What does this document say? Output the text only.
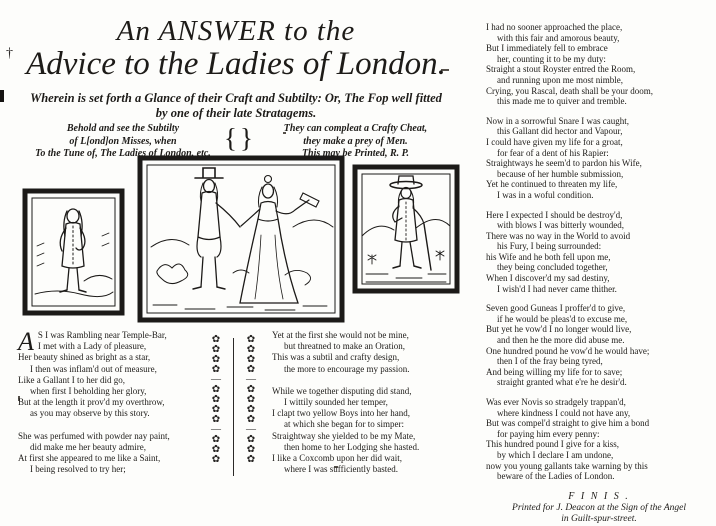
†
An ANSWER to the
Advice to the Ladies of London.
Wherein is set forth a Glance of their Craft and Subtilty: Or, The Fop well fitted
by one of their late Stratagems.
Behold and see the Subtilty
of L[ond]on Misses, when
To the Tune of, The Ladies of London, etc.
{ }	They can compleat a Crafty Cheat,
they make a prey of Men.
This may be Printed, R. P.
A S I was Rambling near Temple-Bar,
I met with a Lady of pleasure,
Her beauty shined as bright as a star,
I then was inflam'd out of measure,
Like a Gallant I to her did go,
when first I beholding her glory,
But at the length it prov'd my overthrow,
as you may observe by this story.
She was perfumed with powder nay paint,
did make me her beauty admire,
At first she appeared to me like a Saint,
I being resolved to try her;
✿
✿
✿
✿
—
✿
✿
✿
✿
—
✿
✿
✿
✿
✿
✿
✿
—
✿
✿
✿
✿
—
✿
✿
✿
Yet at the first she would not be mine,
but threatned to make an Oration,
This was a subtil and crafty design,
the more to encourage my passion.
While we together disputing did stand,
I wittily sounded her temper,
I clapt two yellow Boys into her hand,
at which she began for to simper:
Straightway she yielded to be my Mate,
then home to her Lodging she hasted.
I like a Coxcomb upon her did wait,
where I was sufficiently basted.
I had no sooner approached the place,
with this fair and amorous beauty,
But I immediately fell to embrace
her, counting it to be my duty:
Straight a stout Royster entred the Room,
and running upon me most nimble,
Crying, you Rascal, death shall be your doom,
this made me to quiver and tremble.
Now in a sorrowful Snare I was caught,
this Gallant did hector and Vapour,
I could have given my life for a groat,
for fear of a dent of his Rapier:
Straightways he seem'd to pardon his Wife,
because of her humble submission,
Yet he continued to threaten my life,
I was in a woful condition.
Here I expected I should be destroy'd,
with blows I was bitterly wounded,
There was no way in the World to avoid
his Fury, I being surrounded:
his Wife and he both fell upon me,
they being concluded together,
When I discover'd my sad destiny,
I wish'd I had never came thither.
Seven good Guneas I proffer'd to give,
if he would be pleas'd to excuse me,
But yet he vow'd I no longer would live,
and then he the more did abuse me.
One hundred pound he vow'd he would have;
then I of the fray being tyred,
And being willing my life for to save;
straight granted what e're he desir'd.
Was ever Novis so stradgely trappan'd,
where kindness I could not have any,
But was compel'd straight to give him a bond
for paying him every penny:
This hundred pound I give for a kiss,
by which I declare I am undone,
now you young gallants take warning by this
beware of the Ladies of London.
F I N I S .
Printed for J. Deacon at the Sign of the Angel
in Guilt-spur-street.
